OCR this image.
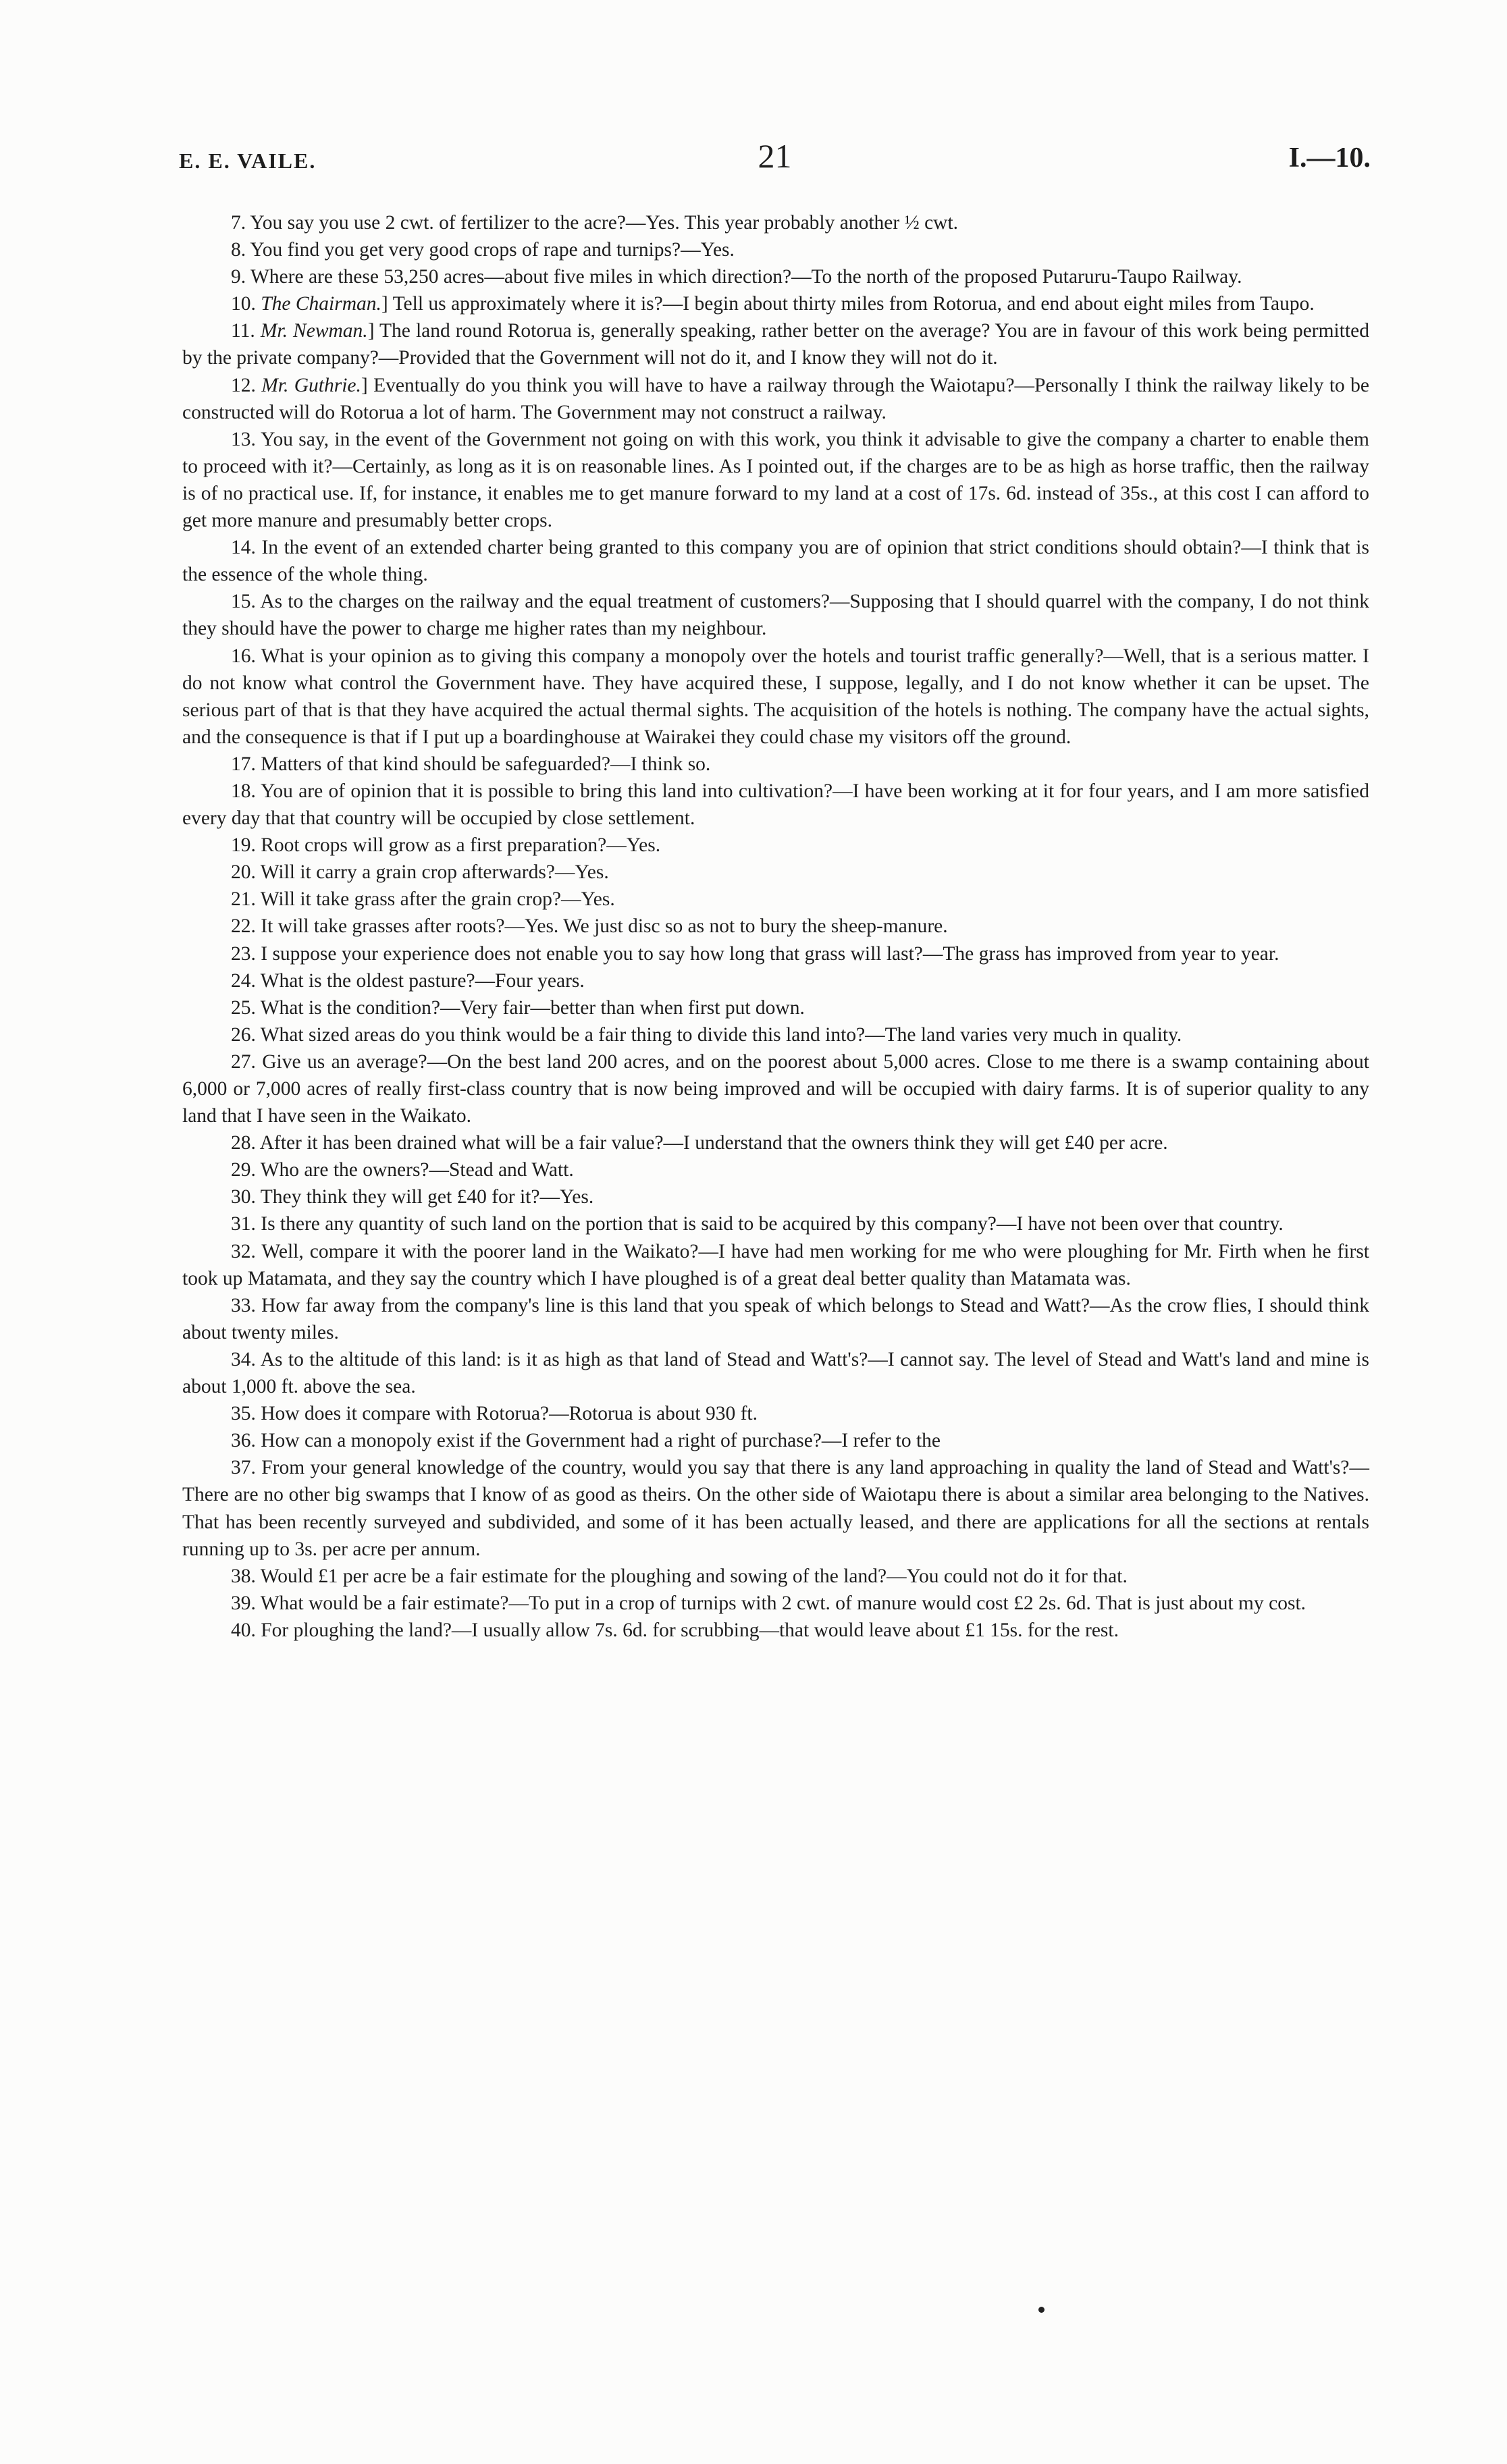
E. E. VAILE.	21	I.—10.

7. You say you use 2 cwt. of fertilizer to the acre?—Yes. This year probably another ½ cwt.

8. You find you get very good crops of rape and turnips?—Yes.

9. Where are these 53,250 acres—about five miles in which direction?—To the north of the proposed Putaruru-Taupo Railway.

10. The Chairman.] Tell us approximately where it is?—I begin about thirty miles from Rotorua, and end about eight miles from Taupo.

11. Mr. Newman.] The land round Rotorua is, generally speaking, rather better on the average? You are in favour of this work being permitted by the private company?—Provided that the Government will not do it, and I know they will not do it.

12. Mr. Guthrie.] Eventually do you think you will have to have a railway through the Waiotapu?—Personally I think the railway likely to be constructed will do Rotorua a lot of harm. The Government may not construct a railway.

13. You say, in the event of the Government not going on with this work, you think it advisable to give the company a charter to enable them to proceed with it?—Certainly, as long as it is on reasonable lines. As I pointed out, if the charges are to be as high as horse traffic, then the railway is of no practical use. If, for instance, it enables me to get manure forward to my land at a cost of 17s. 6d. instead of 35s., at this cost I can afford to get more manure and presumably better crops.

14. In the event of an extended charter being granted to this company you are of opinion that strict conditions should obtain?—I think that is the essence of the whole thing.

15. As to the charges on the railway and the equal treatment of customers?—Supposing that I should quarrel with the company, I do not think they should have the power to charge me higher rates than my neighbour.

16. What is your opinion as to giving this company a monopoly over the hotels and tourist traffic generally?—Well, that is a serious matter. I do not know what control the Government have. They have acquired these, I suppose, legally, and I do not know whether it can be upset. The serious part of that is that they have acquired the actual thermal sights. The acquisition of the hotels is nothing. The company have the actual sights, and the consequence is that if I put up a boardinghouse at Wairakei they could chase my visitors off the ground.

17. Matters of that kind should be safeguarded?—I think so.

18. You are of opinion that it is possible to bring this land into cultivation?—I have been working at it for four years, and I am more satisfied every day that that country will be occupied by close settlement.

19. Root crops will grow as a first preparation?—Yes.

20. Will it carry a grain crop afterwards?—Yes.

21. Will it take grass after the grain crop?—Yes.

22. It will take grasses after roots?—Yes. We just disc so as not to bury the sheep-manure.

23. I suppose your experience does not enable you to say how long that grass will last?—The grass has improved from year to year.

24. What is the oldest pasture?—Four years.

25. What is the condition?—Very fair—better than when first put down.

26. What sized areas do you think would be a fair thing to divide this land into?—The land varies very much in quality.

27. Give us an average?—On the best land 200 acres, and on the poorest about 5,000 acres. Close to me there is a swamp containing about 6,000 or 7,000 acres of really first-class country that is now being improved and will be occupied with dairy farms. It is of superior quality to any land that I have seen in the Waikato.

28. After it has been drained what will be a fair value?—I understand that the owners think they will get £40 per acre.

29. Who are the owners?—Stead and Watt.

30. They think they will get £40 for it?—Yes.

31. Is there any quantity of such land on the portion that is said to be acquired by this company?—I have not been over that country.

32. Well, compare it with the poorer land in the Waikato?—I have had men working for me who were ploughing for Mr. Firth when he first took up Matamata, and they say the country which I have ploughed is of a great deal better quality than Matamata was.

33. How far away from the company's line is this land that you speak of which belongs to Stead and Watt?—As the crow flies, I should think about twenty miles.

34. As to the altitude of this land: is it as high as that land of Stead and Watt's?—I cannot say. The level of Stead and Watt's land and mine is about 1,000 ft. above the sea.

35. How does it compare with Rotorua?—Rotorua is about 930 ft.

36. How can a monopoly exist if the Government had a right of purchase?—I refer to the

37. From your general knowledge of the country, would you say that there is any land approaching in quality the land of Stead and Watt's?—There are no other big swamps that I know of as good as theirs. On the other side of Waiotapu there is about a similar area belonging to the Natives. That has been recently surveyed and subdivided, and some of it has been actually leased, and there are applications for all the sections at rentals running up to 3s. per acre per annum.

38. Would £1 per acre be a fair estimate for the ploughing and sowing of the land?—You could not do it for that.

39. What would be a fair estimate?—To put in a crop of turnips with 2 cwt. of manure would cost £2 2s. 6d. That is just about my cost.

40. For ploughing the land?—I usually allow 7s. 6d. for scrubbing—that would leave about £1 15s. for the rest.
